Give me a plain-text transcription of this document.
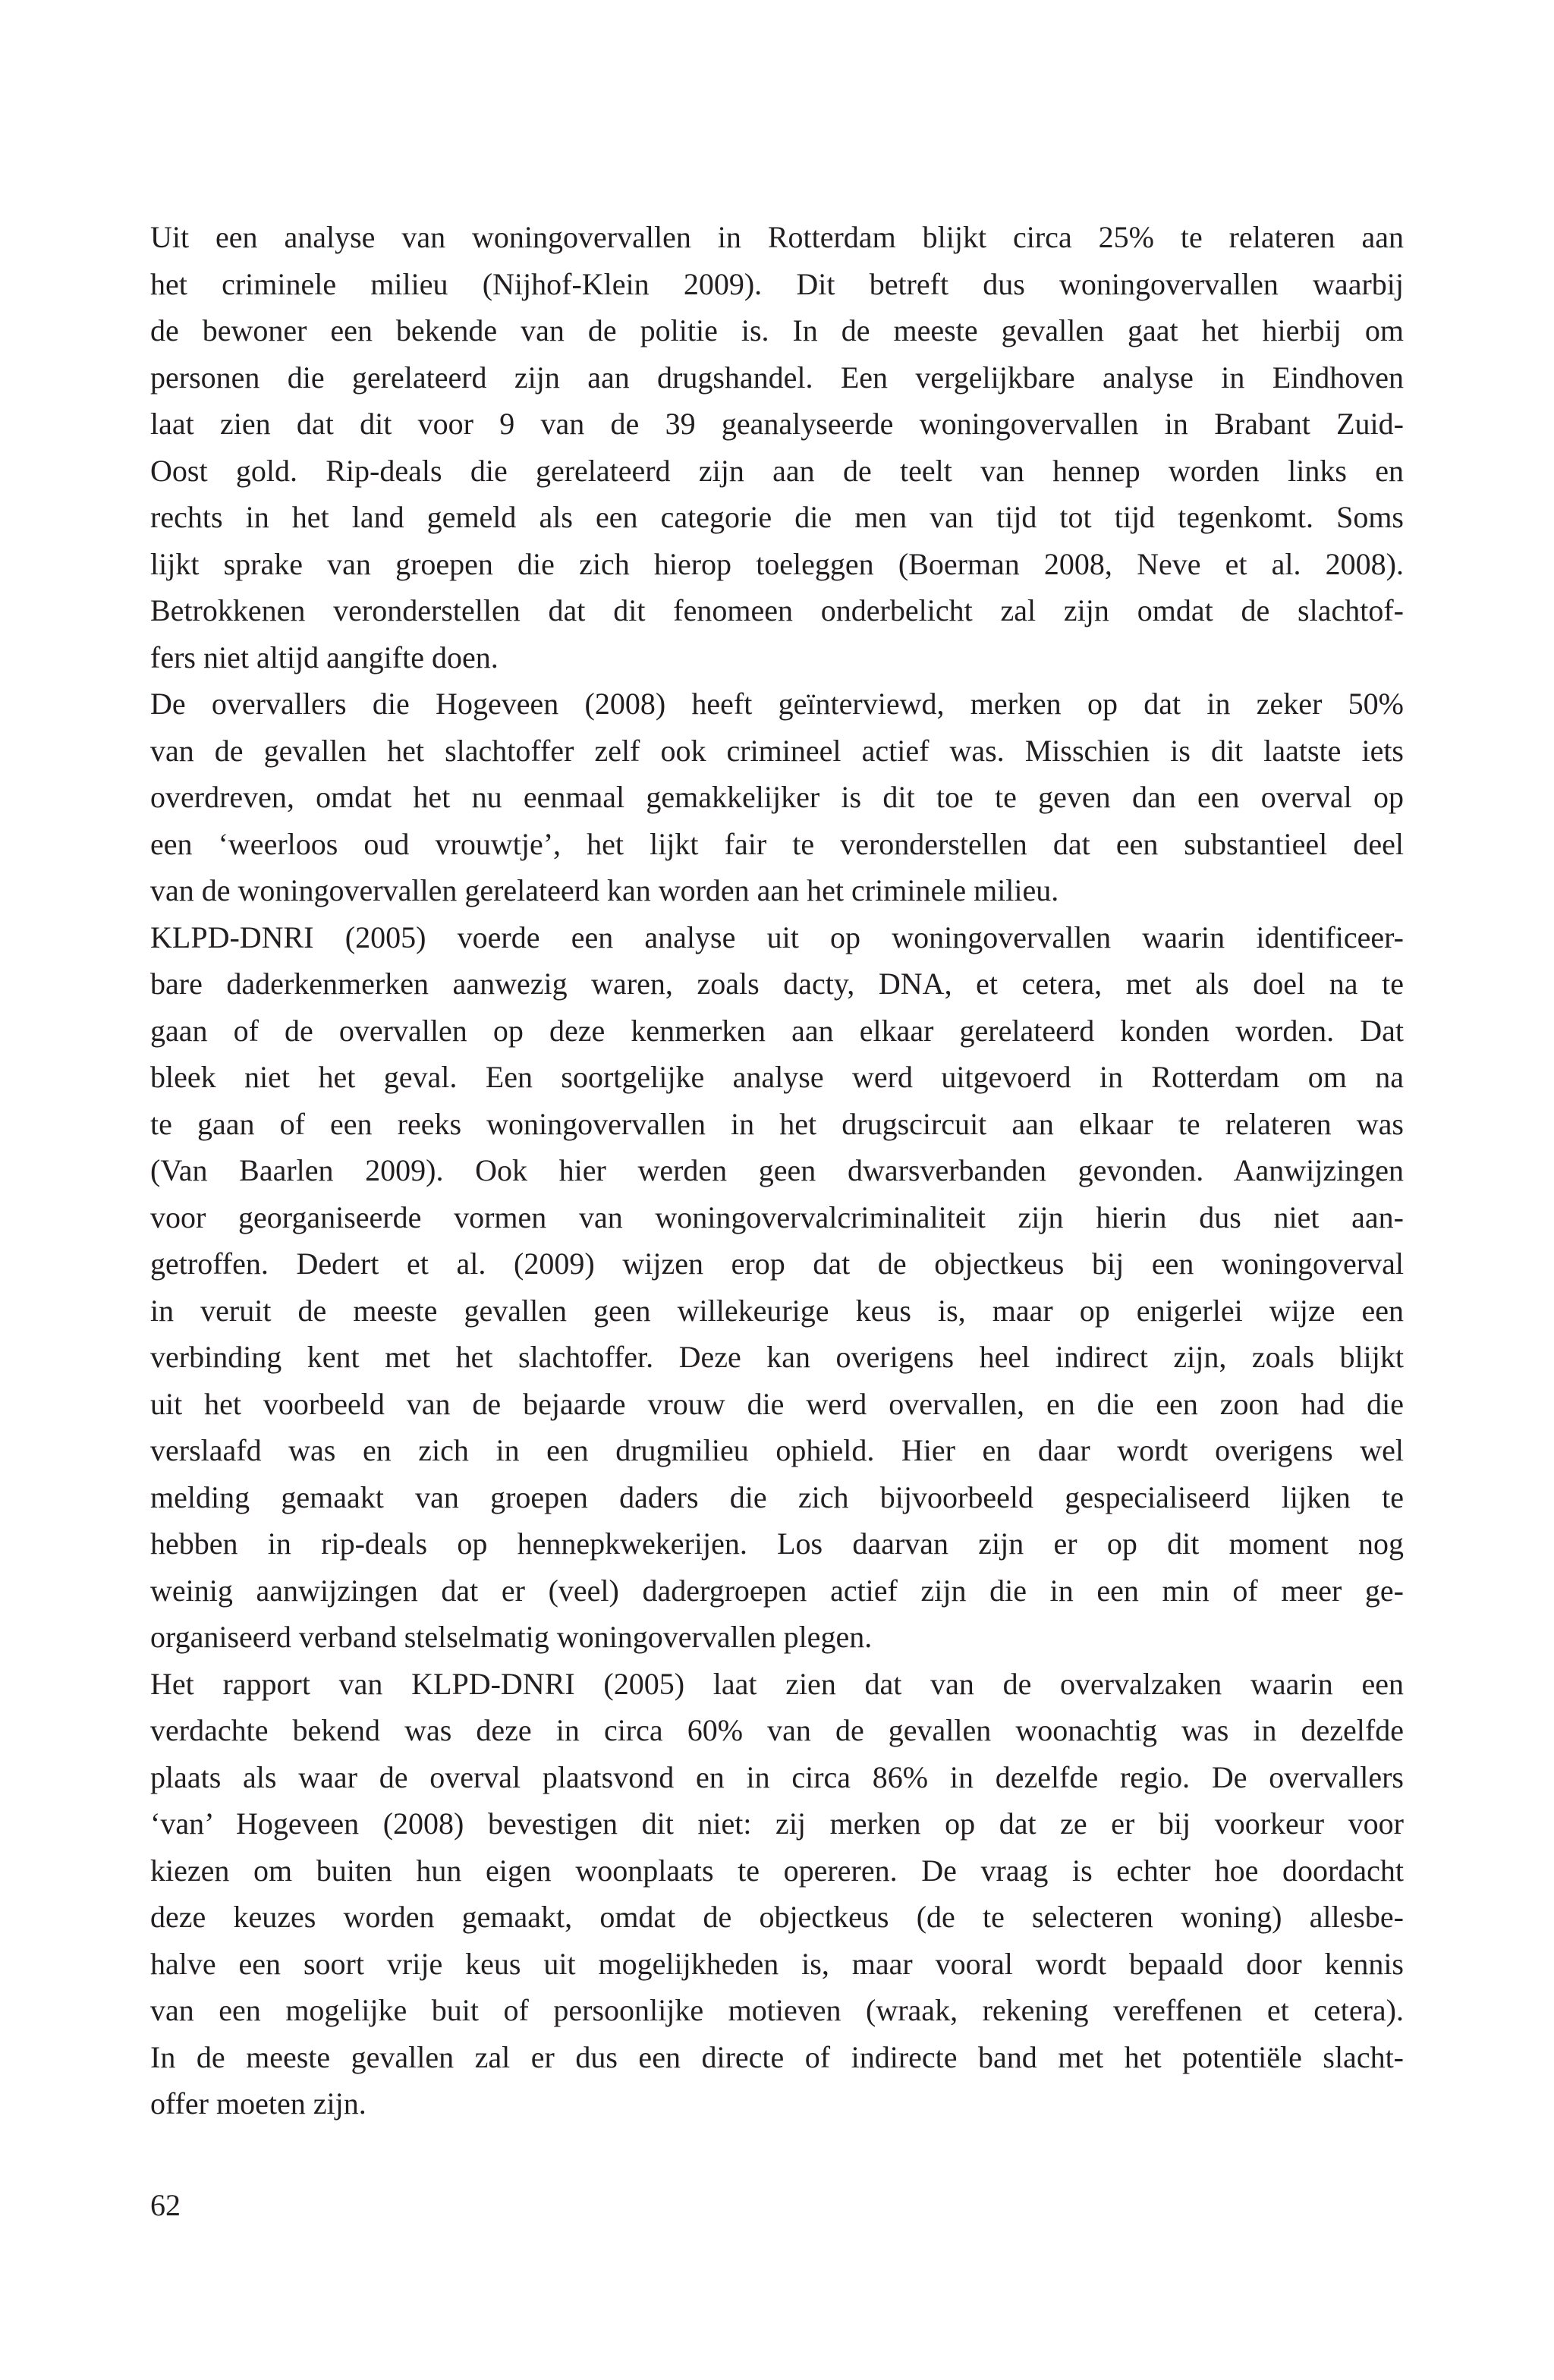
Uit een analyse van woningovervallen in Rotterdam blijkt circa 25% te relateren aan
het criminele milieu (Nijhof-Klein 2009). Dit betreft dus woningovervallen waarbij
de bewoner een bekende van de politie is. In de meeste gevallen gaat het hierbij om
personen die gerelateerd zijn aan drugshandel. Een vergelijkbare analyse in Eindhoven
laat zien dat dit voor 9 van de 39 geanalyseerde woningovervallen in Brabant Zuid-
Oost gold. Rip-deals die gerelateerd zijn aan de teelt van hennep worden links en
rechts in het land gemeld als een categorie die men van tijd tot tijd tegenkomt. Soms
lijkt sprake van groepen die zich hierop toeleggen (Boerman 2008, Neve et al. 2008).
Betrokkenen veronderstellen dat dit fenomeen onderbelicht zal zijn omdat de slachtof-
fers niet altijd aangifte doen.
De overvallers die Hogeveen (2008) heeft geïnterviewd, merken op dat in zeker 50%
van de gevallen het slachtoffer zelf ook crimineel actief was. Misschien is dit laatste iets
overdreven, omdat het nu eenmaal gemakkelijker is dit toe te geven dan een overval op
een ‘weerloos oud vrouwtje’, het lijkt fair te veronderstellen dat een substantieel deel
van de woningovervallen gerelateerd kan worden aan het criminele milieu.
KLPD-DNRI (2005) voerde een analyse uit op woningovervallen waarin identificeer-
bare daderkenmerken aanwezig waren, zoals dacty, DNA, et cetera, met als doel na te
gaan of de overvallen op deze kenmerken aan elkaar gerelateerd konden worden. Dat
bleek niet het geval. Een soortgelijke analyse werd uitgevoerd in Rotterdam om na
te gaan of een reeks woningovervallen in het drugscircuit aan elkaar te relateren was
(Van Baarlen 2009). Ook hier werden geen dwarsverbanden gevonden. Aanwijzingen
voor georganiseerde vormen van woningovervalcriminaliteit zijn hierin dus niet aan-
getroffen. Dedert et al. (2009) wijzen erop dat de objectkeus bij een woningoverval
in veruit de meeste gevallen geen willekeurige keus is, maar op enigerlei wijze een
verbinding kent met het slachtoffer. Deze kan overigens heel indirect zijn, zoals blijkt
uit het voorbeeld van de bejaarde vrouw die werd overvallen, en die een zoon had die
verslaafd was en zich in een drugmilieu ophield. Hier en daar wordt overigens wel
melding gemaakt van groepen daders die zich bijvoorbeeld gespecialiseerd lijken te
hebben in rip-deals op hennepkwekerijen. Los daarvan zijn er op dit moment nog
weinig aanwijzingen dat er (veel) dadergroepen actief zijn die in een min of meer ge-
organiseerd verband stelselmatig woningovervallen plegen.
Het rapport van KLPD-DNRI (2005) laat zien dat van de overvalzaken waarin een
verdachte bekend was deze in circa 60% van de gevallen woonachtig was in dezelfde
plaats als waar de overval plaatsvond en in circa 86% in dezelfde regio. De overvallers
‘van’ Hogeveen (2008) bevestigen dit niet: zij merken op dat ze er bij voorkeur voor
kiezen om buiten hun eigen woonplaats te opereren. De vraag is echter hoe doordacht
deze keuzes worden gemaakt, omdat de objectkeus (de te selecteren woning) allesbe-
halve een soort vrije keus uit mogelijkheden is, maar vooral wordt bepaald door kennis
van een mogelijke buit of persoonlijke motieven (wraak, rekening vereffenen et cetera).
In de meeste gevallen zal er dus een directe of indirecte band met het potentiële slacht-
offer moeten zijn.
62
